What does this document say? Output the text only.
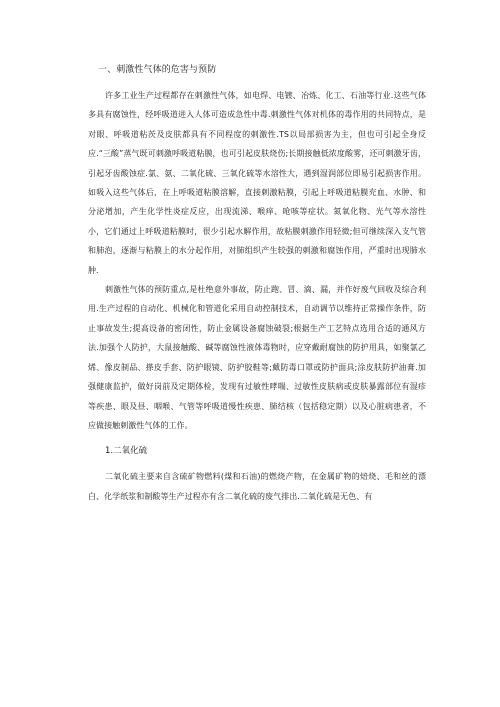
一、刺激性气体的危害与预防

许多工业生产过程都存在刺激性气体，如电焊、电镀、冶炼、化工、石油等行业.这些气体多具有腐蚀性，经呼吸道进入人体可造成急性中毒.刺激性气体对机体的毒作用的共同特点，是对眼、呼吸道粘茨及皮肤都具有不同程度的刺激性.TS以局部损害为主，但也可引起全身反应.“三酸”蒸气既可刺激呼吸道粘膜，也可引起皮肤烧伤;长期接触低浓度酸雾，还可刺激牙齿，引起牙齿酸蚀症.氯、氨、二氧化硫、三氧化硫等水溶性大，遇到湿润部位即易引起损害作用。如吸入这些气体后，在上呼吸道粘膜溶解，直接刺激粘膜，引起上呼吸道粘膜充血、水肿、和分泌增加，产生化学性炎症反应，出现流涕、喉痒、呛咳等症状。氮氧化物、光气等水溶性小，它们通过上呼吸道粘膜时，很少引起水解作用，故粘膜刺激作用轻微;但可继续深入支气管和肺泡，逐渐与粘膜上的水分起作用，对肺组织产生较强的刺激和腐蚀作用，严重时出现肺水肿.

刺激性气体的预防重点,是杜绝意外事故，防止跑、冒、滴、漏，并作好废气回收及综合利用.生产过程的自动化、机械化和管道化采用自动控制技术，自动调节以维持正常操作条件，防止事故发生;提高设备的密闭性，防止金属设备腐蚀破裂;根据生产工艺特点选用合适的通风方法.加强个人防护，大鼠接触酸、碱等腐蚀性液体毒物时，应穿戴耐腐蚀的防护用具，如聚氯乙烯、像皮制品、搽皮手套、防护眼镜、防护胶鞋等;戴防毒口罩或防护面具;涂皮肤防护油膏.加强健康监护，做好岗前及定期体检，发现有过敏性哮喘、过敏性皮肤病或皮肤暴露部位有湿疹等疾患、眼及昼、咽喉、气管等呼吸道慢性疾患、肺结核（包括稳定期）以及心脏病患者，不应做接触刺激性气体的工作。

1.二氧化硫

二氧化硫主要来自含硫矿物燃料(煤和石油)的燃烧产物，在金属矿物的焙烧、毛和丝的漂白、化学纸浆和制酸等生产过程亦有含二氧化硫的废气排出.二氧化硫是无色、有
